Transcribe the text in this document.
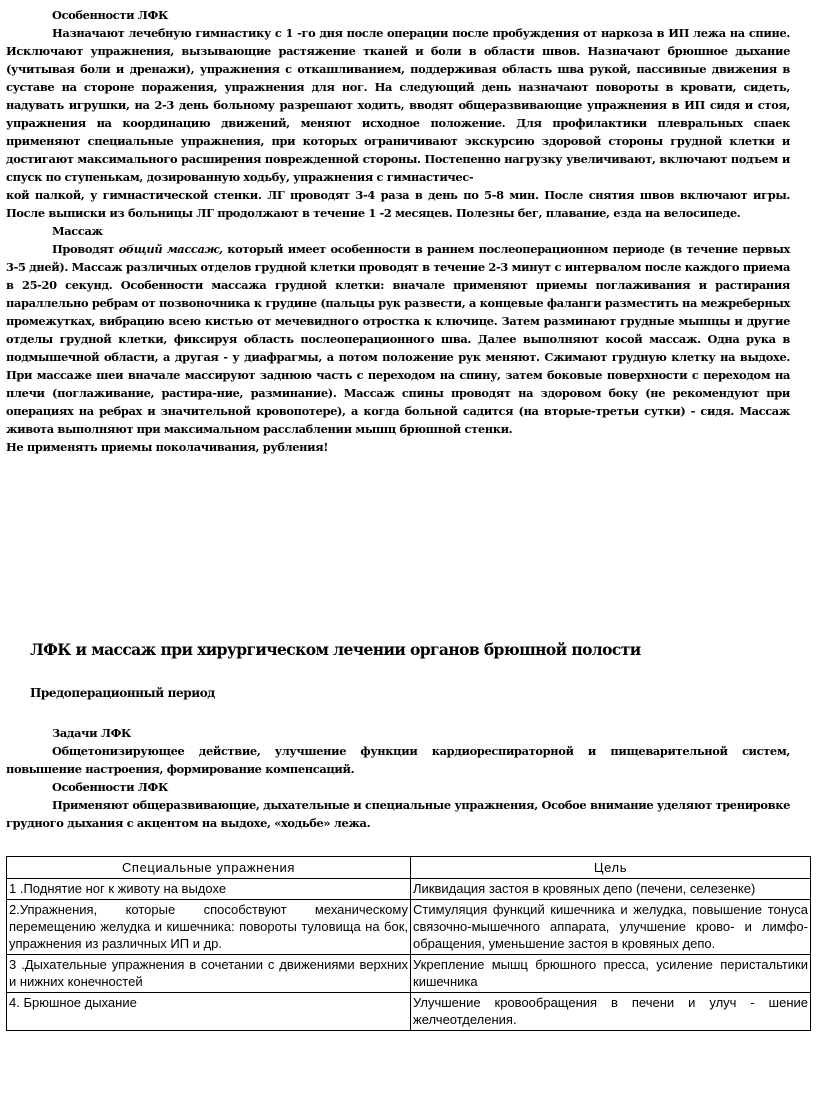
Особенности ЛФК

Назначают лечебную гимнастику с 1 -го дня после операции после пробуждения от наркоза в ИП лежа на спине. Исключают упражнения, вызывающие растяжение тканей и боли в области швов. Назначают брюшное дыхание (учитывая боли и дренажи), упражнения с откашливанием, поддерживая область шва рукой, пассивные движения в суставе на стороне поражения, упражнения для ног. На следующий день назначают повороты в кровати, сидеть, надувать игрушки, на 2-3 день больному разрешают ходить, вводят общеразвивающие упражнения в ИП сидя и стоя, упражнения на координацию движений, меняют исходное положение. Для профилактики плевральных спаек применяют специальные упражнения, при которых ограничивают экскурсию здоровой стороны грудной клетки и достигают максимального расширения поврежденной стороны. Постепенно нагрузку увеличивают, включают подъем и спуск по ступенькам, дозированную ходьбу, упражнения с гимнастичес-

кой палкой, у гимнастической стенки. ЛГ проводят 3-4 раза в день по 5-8 мин. После снятия швов включают игры. После выписки из больницы ЛГ продолжают в течение 1 -2 месяцев. Полезны бег, плавание, езда на велосипеде.

Массаж

Проводят общий массаж, который имеет особенности в раннем послеоперационном периоде (в течение первых 3-5 дней). Массаж различных отделов грудной клетки проводят в течение 2-3 минут с интервалом после каждого приема в 25-20 секунд. Особенности массажа грудной клетки: вначале применяют приемы поглаживания и растирания параллельно ребрам от позвоночника к грудине (пальцы рук развести, а концевые фаланги разместить на межреберных промежутках, вибрацию всею кистью от мечевидного отростка к ключице. Затем разминают грудные мышцы и другие отделы грудной клетки, фиксируя область послеоперационного шва. Далее выполняют косой массаж. Одна рука в подмышечной области, а другая - у диафрагмы, а потом положение рук меняют. Сжимают грудную клетку на выдохе. При массаже шеи вначале массируют заднюю часть с переходом на спину, затем боковые поверхности с переходом на плечи (поглаживание, растира-ние, разминание). Массаж спины проводят на здоровом боку (не рекомендуют при операциях на ребрах и значительной кровопотере), а когда больной садится (на вторые-третьи сутки) - сидя. Массаж живота выполняют при максимальном расслаблении мышц брюшной стенки.

Не применять приемы поколачивания, рубления!

ЛФК и массаж при хирургическом лечении органов брюшной полости

Предоперационный период

Задачи ЛФК

Общетонизирующее действие, улучшение функции кардиореспираторной и пищеварительной систем, повышение настроения, формирование компенсаций.

Особенности ЛФК

Применяют общеразвивающие, дыхательные и специальные упражнения, Особое внимание уделяют тренировке грудного дыхания с акцентом на выдохе, «ходьбе» лежа.

Специальные упражнения	Цель
1 .Поднятие ног к животу на выдохе	Ликвидация застоя в кровяных депо (печени, селезенке)
2.Упражнения, которые способствуют механическому перемещению желудка и кишечника: повороты туловища на бок, упражнения из различных ИП и др.	Стимуляция функций кишечника и желудка, повышение тонуса связочно-мышечного аппарата, улучшение крово- и лимфо- обращения, уменьшение застоя в кровяных депо.
3 .Дыхательные упражнения в сочетании с движениями верхних и нижних конечностей	Укрепление мышц брюшного пресса, усиление перистальтики кишечника
4. Брюшное дыхание	Улучшение кровообращения в печени и улуч - шение желчеотделения.
